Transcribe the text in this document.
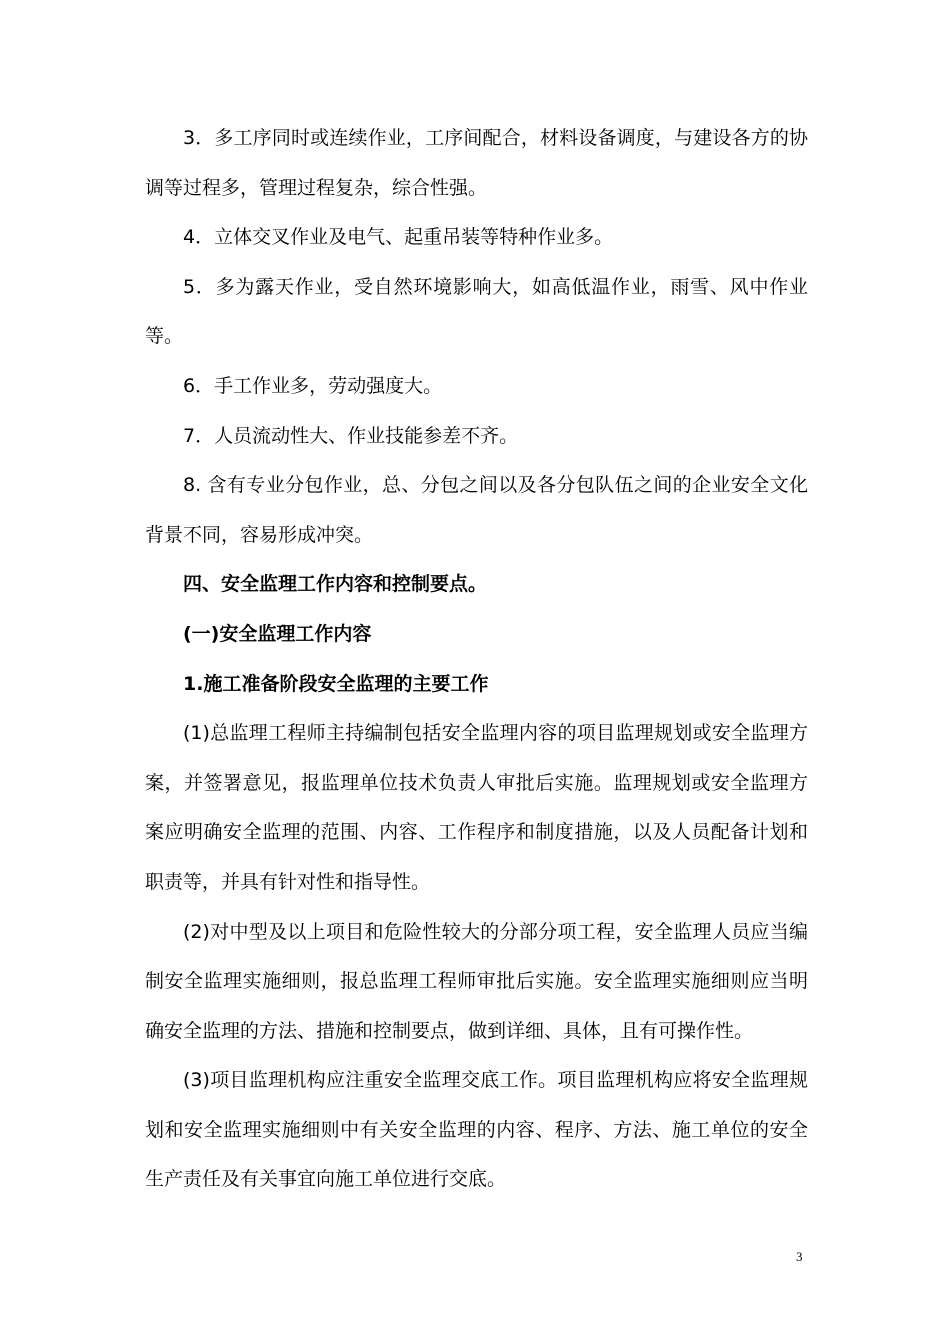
3．多工序同时或连续作业，工序间配合，材料设备调度，与建设各方的协调等过程多，管理过程复杂，综合性强。

4．立体交叉作业及电气、起重吊装等特种作业多。

5．多为露天作业，受自然环境影响大，如高低温作业，雨雪、风中作业等。

6．手工作业多，劳动强度大。

7．人员流动性大、作业技能参差不齐。

8. 含有专业分包作业，总、分包之间以及各分包队伍之间的企业安全文化背景不同，容易形成冲突。

四、安全监理工作内容和控制要点。

(一)安全监理工作内容

1.施工准备阶段安全监理的主要工作

(1)总监理工程师主持编制包括安全监理内容的项目监理规划或安全监理方案，并签署意见，报监理单位技术负责人审批后实施。监理规划或安全监理方案应明确安全监理的范围、内容、工作程序和制度措施，以及人员配备计划和职责等，并具有针对性和指导性。

(2)对中型及以上项目和危险性较大的分部分项工程，安全监理人员应当编制安全监理实施细则，报总监理工程师审批后实施。安全监理实施细则应当明确安全监理的方法、措施和控制要点，做到详细、具体，且有可操作性。

(3)项目监理机构应注重安全监理交底工作。项目监理机构应将安全监理规划和安全监理实施细则中有关安全监理的内容、程序、方法、施工单位的安全生产责任及有关事宜向施工单位进行交底。

3
